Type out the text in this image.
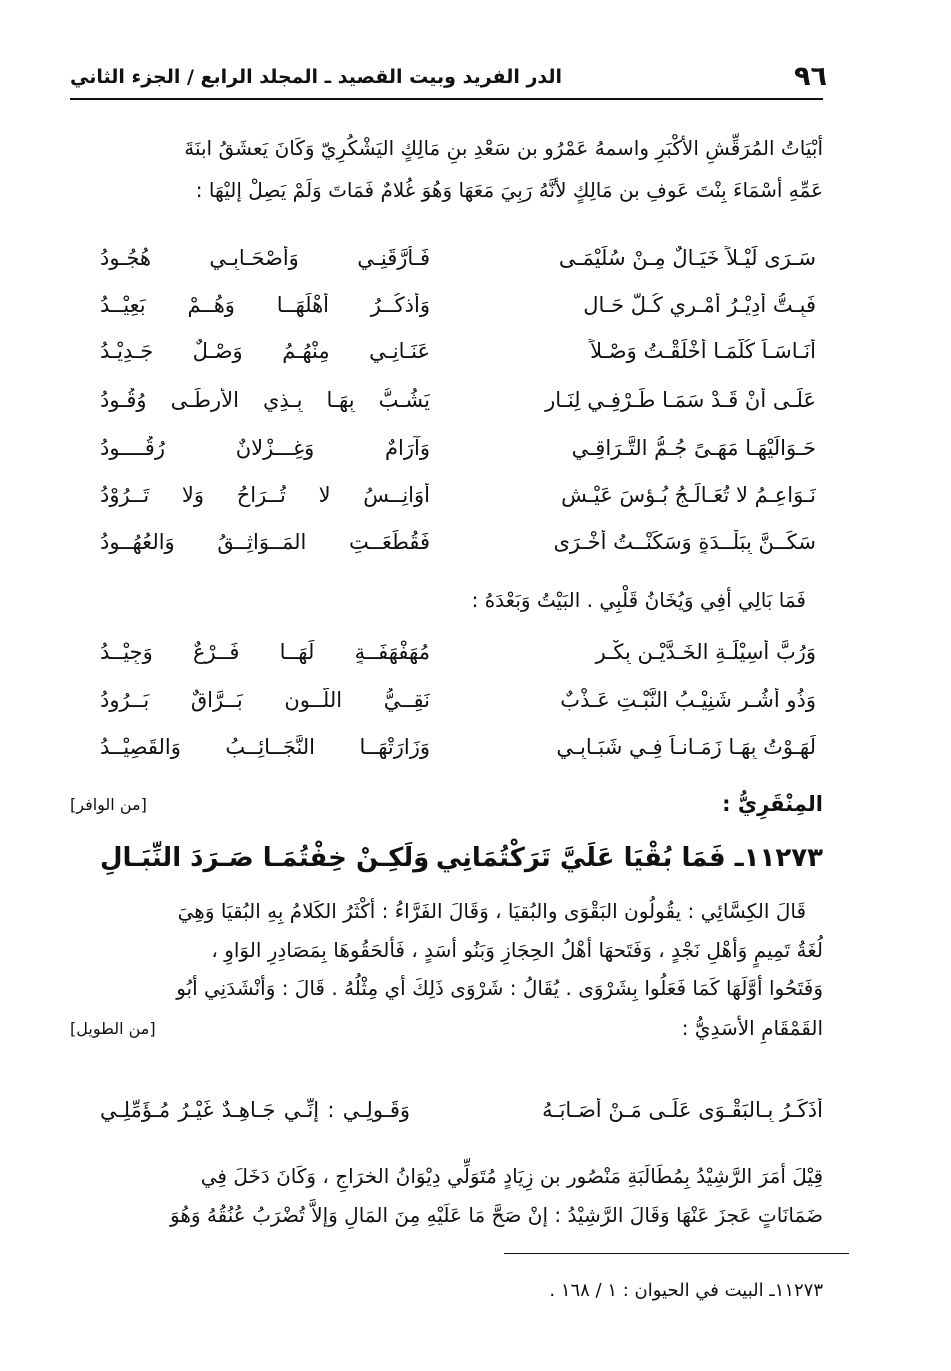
٩٦
الدر الفريد وبيت القصيد ـ المجلد الرابع / الجزء الثاني
أبْيَاتُ المُرَقِّشِ الأكْبَرِ واسمهُ عَمْرُو بن سَعْدِ بنِ مَالِكٍ اليَشْكُرِيّ وَكَانَ يَعشَقُ ابنَةَ
عَمِّهِ أسْمَاءَ بِنْتَ عَوفِ بن مَالِكٍ لأنَّهُ رَبِيَ مَعَهَا وَهُوَ غُلامٌ فَمَاتَ وَلَمْ يَصِلْ إليْهَا :
سَـرَى لَيْـلاً خَيَـالٌ مِـنْ سُلَيْمَـى
فَـأرَّقَنِـي وَأصْحَـابِـي هُجُـودُ
فَبِـتُّ أُدِيْـرُ أمْـرِي كُـلَّ حَـالٍ
وَأذكُــرُ أهْلَهَــا وَهُــمْ بَعِيْــدُ
أُنَـاسَـاً كُلَّمَـا أخْلَقْـتُ وَصْـلاً
عَنَـانِـي مِنْهُـمُ وَصْـلٌ جَـدِيْـدُ
عَلَـى أنْ قَـدْ سَمَـا طَـرْفِـي لِنَـارٍ
يَشُـبُّ بِهَـا بِـذِي الأرطَـى وُقُـودُ
حَـوَالَيْهَـا مَهَـىً جُـمُّ التَّـرَاقِـي
وَآرَامٌ وَغِـــزْلانٌ رُقُــــودُ
نَـوَاعِـمُ لا تُعَـالَـجُ بُـؤسَ عَيْـشٍ
أوَانِــسُ لا تُــرَاحُ وَلا تَــرُوْدُ
سَكَــنَّ بِبَلْــدَةٍ وَسَكَنْــتُ أُخْـرَى
فَقُطِّعَــتِ المَــوَاثِــقُ وَالعُهُــودُ
فَمَا بَالِي أفِي وَيُخَانُ قَلْبِي . البَيْتُ وَبَعْدَهُ :
وَرُبَّ أسِيْلَـةِ الخَـدَّيْـنِ بِكْـرٍ
مُهَفْهَفَــةٍ لَهَــا فَــرْعٌ وَجِيْــدُ
وَذُو أُشُـرٍ شَنِيْـبُ النَّبْـتِ عَـذْبٌ
نَقِــيُّ اللَّــونِ بَــرَّاقٌ بَــرُودُ
لَهَـوْتُ بِهَـا زَمَـانـاً فِـي شَبَـابِـي
وَزَارَتْهَــا النَّجَــائِــبُ وَالقَصِيْــدُ
المِنْقَرِيُّ :
[من الوافر]
١١٢٧٣ـ فَمَا بُقْيَا عَلَيَّ تَرَكْتُمَانِي
وَلَكِـنْ خِفْتُمَـا صَـرَدَ النِّبَـالِ
قَالَ الكِسَّائِي : يقُولُون البَقْوَى والبُقيَا ، وَقَالَ الفَرَّاءُ : أكْثَرُ الكَلامُ بِهِ البُقيَا وَهِيَ
لُغَةُ تَمِيمٍ وَأهْلِ نَجْدٍ ، وَفَتَحهَا أهْلُ الحِجَازِ وَبَنُو أسَدٍ ، فَألحَقُوهَا بِمَصَادِرِ الوَاوِ ،
وَفَتَحُوا أوَّلَهَا كَمَا فَعَلُوا بِشَرْوَى . يُقَالُ : شَرْوَى ذَلِكَ أي مِثْلُهُ . قَالَ : وَأنْشَدَنِي أبُو
القَمْقَامِ الأسَدِيُّ :
[من الطويل]
أُذَكِّـرُ بِـالبَقْـوَى عَلَـى مَـنْ أصَـابَـهُ
وَقَـولِـي : إنِّـي جَـاهِـدٌ غَيْـرُ مُـؤَمِّلِـي
قِيْلَ أمَرَ الرَّشِيْدُ بِمُطَالَبَةِ مَنْصُور بن زِيَادٍ مُتَوَلِّي دِيْوَانُ الخرَاجِ ، وَكَانَ دَخَلَ فِي
ضَمَانَاتٍ عَجزَ عَنْهَا وَقَالَ الرَّشِيْدُ : إنْ صَحَّ مَا عَلَيْهِ مِنَ المَالِ وَإلاَّ تُضْرَبُ عُنُقُهُ وَهُوَ
١١٢٧٣ـ البيت في الحيوان : ١ / ١٦٨ .
